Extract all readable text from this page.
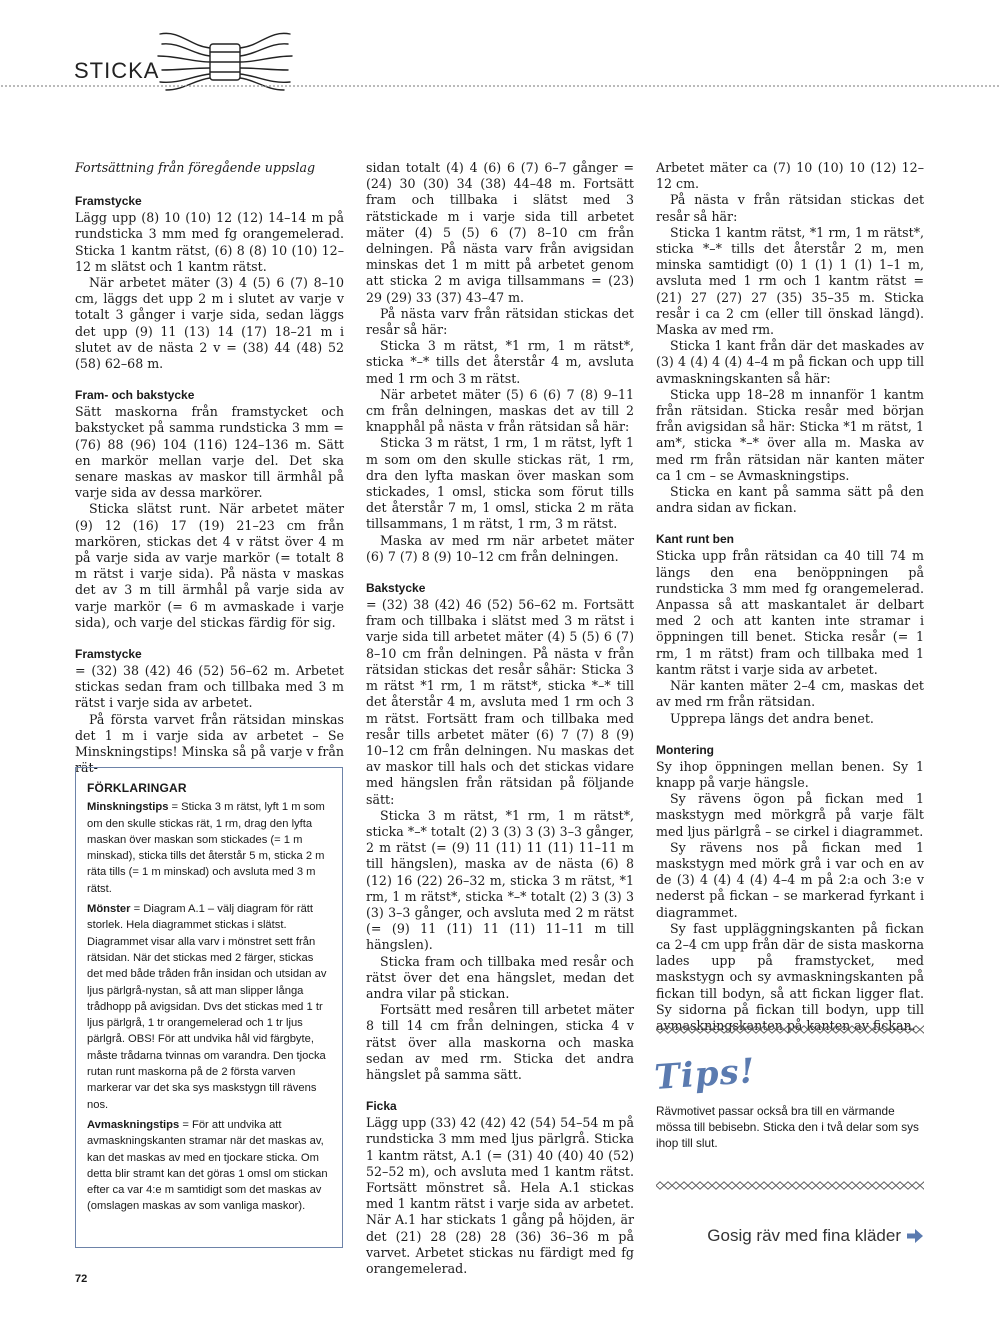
STICKA

Fortsättning från föregående uppslag

Framstycke

Lägg upp (8) 10 (10) 12 (12) 14–14 m på rundsticka 3 mm med fg orangemelerad. Sticka 1 kantm rätst, (6) 8 (8) 10 (10) 12–12 m slätst och 1 kantm rätst.

När arbetet mäter (3) 4 (5) 6 (7) 8–10 cm, läggs det upp 2 m i slutet av varje v totalt 3 gånger i varje sida, sedan läggs det upp (9) 11 (13) 14 (17) 18–21 m i slutet av de nästa 2 v = (38) 44 (48) 52 (58) 62–68 m.

Fram- och bakstycke

Sätt maskorna från framstycket och bakstycket på samma rundsticka 3 mm = (76) 88 (96) 104 (116) 124–136 m. Sätt en markör mellan varje del. Det ska senare maskas av maskor till ärmhål på varje sida av dessa markörer.

Sticka slätst runt. När arbetet mäter (9) 12 (16) 17 (19) 21–23 cm från markören, stickas det 4 v rätst över 4 m på varje sida av varje markör (= totalt 8 m rätst i varje sida). På nästa v maskas det av 3 m till ärmhål på varje sida av varje markör (= 6 m avmaskade i varje sida), och varje del stickas färdig för sig.

Framstycke

= (32) 38 (42) 46 (52) 56–62 m. Arbetet stickas sedan fram och tillbaka med 3 m rätst i varje sida av arbetet.

På första varvet från rätsidan minskas det 1 m i varje sida av arbetet – Se Minskningstips! Minska så på varje v från rät-

FÖRKLARINGAR

Minskningstips = Sticka 3 m rätst, lyft 1 m som om den skulle stickas rät, 1 rm, drag den lyfta maskan över maskan som stickades (= 1 m minskad), sticka tills det återstår 5 m, sticka 2 m räta tills (= 1 m minskad) och avsluta med 3 m rätst.

Mönster = Diagram A.1 – välj diagram för rätt storlek. Hela diagrammet stickas i slätst. Diagrammet visar alla varv i mönstret sett från rätsidan. När det stickas med 2 färger, stickas det med både tråden från insidan och utsidan av ljus pärlgrå-nystan, så att man slipper långa trådhopp på avigsidan. Dvs det stickas med 1 tr ljus pärlgrå, 1 tr orangemelerad och 1 tr ljus pärlgrå. OBS! För att undvika hål vid färgbyte, måste trådarna tvinnas om varandra. Den tjocka rutan runt maskorna på de 2 första varven markerar var det ska sys maskstygn till rävens nos.

Avmaskningstips = För att undvika att avmaskningskanten stramar när det maskas av, kan det maskas av med en tjockare sticka. Om detta blir stramt kan det göras 1 omsl om stickan efter ca var 4:e m samtidigt som det maskas av (omslagen maskas av som vanliga maskor).

sidan totalt (4) 4 (6) 6 (7) 6–7 gånger = (24) 30 (30) 34 (38) 44–48 m. Fortsätt fram och tillbaka i slätst med 3 rätstickade m i varje sida till arbetet mäter (4) 5 (5) 6 (7) 8–10 cm från delningen. På nästa varv från avigsidan minskas det 1 m mitt på arbetet genom att sticka 2 m aviga tillsammans = (23) 29 (29) 33 (37) 43–47 m.

På nästa varv från rätsidan stickas det resår så här:

Sticka 3 m rätst, *1 rm, 1 m rätst*, sticka *–* tills det återstår 4 m, avsluta med 1 rm och 3 m rätst.

När arbetet mäter (5) 6 (6) 7 (8) 9–11 cm från delningen, maskas det av till 2 knapphål på nästa v från rätsidan så här:

Sticka 3 m rätst, 1 rm, 1 m rätst, lyft 1 m som om den skulle stickas rät, 1 rm, dra den lyfta maskan över maskan som stickades, 1 omsl, sticka som förut tills det återstår 7 m, 1 omsl, sticka 2 m räta tillsammans, 1 m rätst, 1 rm, 3 m rätst.

Maska av med rm när arbetet mäter (6) 7 (7) 8 (9) 10–12 cm från delningen.

Bakstycke

= (32) 38 (42) 46 (52) 56–62 m. Fortsätt fram och tillbaka i slätst med 3 m rätst i varje sida till arbetet mäter (4) 5 (5) 6 (7) 8–10 cm från delningen. På nästa v från rätsidan stickas det resår såhär: Sticka 3 m rätst *1 rm, 1 m rätst*, sticka *–* till det återstår 4 m, avsluta med 1 rm och 3 m rätst. Fortsätt fram och tillbaka med resår tills arbetet mäter (6) 7 (7) 8 (9) 10–12 cm från delningen. Nu maskas det av maskor till hals och det stickas vidare med hängslen från rätsidan på följande sätt:

Sticka 3 m rätst, *1 rm, 1 m rätst*, sticka *–* totalt (2) 3 (3) 3 (3) 3–3 gånger, 2 m rätst (= (9) 11 (11) 11 (11) 11–11 m till hängslen), maska av de nästa (6) 8 (12) 16 (22) 26–32 m, sticka 3 m rätst, *1 rm, 1 m rätst*, sticka *–* totalt (2) 3 (3) 3 (3) 3–3 gånger, och avsluta med 2 m rätst (= (9) 11 (11) 11 (11) 11–11 m till hängslen).

Sticka fram och tillbaka med resår och rätst över det ena hängslet, medan det andra vilar på stickan.

Fortsätt med resåren till arbetet mäter 8 till 14 cm från delningen, sticka 4 v rätst över alla maskorna och maska sedan av med rm. Sticka det andra hängslet på samma sätt.

Ficka

Lägg upp (33) 42 (42) 42 (54) 54–54 m på rundsticka 3 mm med ljus pärlgrå. Sticka 1 kantm rätst, A.1 (= (31) 40 (40) 40 (52) 52–52 m), och avsluta med 1 kantm rätst. Fortsätt mönstret så. Hela A.1 stickas med 1 kantm rätst i varje sida av arbetet. När A.1 har stickats 1 gång på höjden, är det (21) 28 (28) 28 (36) 36–36 m på varvet. Arbetet stickas nu färdigt med fg orangemelerad.

Arbetet mäter ca (7) 10 (10) 10 (12) 12–12 cm.

På nästa v från rätsidan stickas det resår så här:

Sticka 1 kantm rätst, *1 rm, 1 m rätst*, sticka *–* tills det återstår 2 m, men minska samtidigt (0) 1 (1) 1 (1) 1–1 m, avsluta med 1 rm och 1 kantm rätst = (21) 27 (27) 27 (35) 35–35 m. Sticka resår i ca 2 cm (eller till önskad längd). Maska av med rm.

Sticka 1 kant från där det maskades av (3) 4 (4) 4 (4) 4–4 m på fickan och upp till avmaskningskanten så här:

Sticka upp 18–28 m innanför 1 kantm från rätsidan. Sticka resår med början från avigsidan så här: Sticka *1 m rätst, 1 am*, sticka *–* över alla m. Maska av med rm från rätsidan när kanten mäter ca 1 cm – se Avmaskningstips.

Sticka en kant på samma sätt på den andra sidan av fickan.

Kant runt ben

Sticka upp från rätsidan ca 40 till 74 m längs den ena benöppningen på rundsticka 3 mm med fg orangemelerad. Anpassa så att maskantalet är delbart med 2 och att kanten inte stramar i öppningen till benet. Sticka resår (= 1 rm, 1 m rätst) fram och tillbaka med 1 kantm rätst i varje sida av arbetet.

När kanten mäter 2–4 cm, maskas det av med rm från rätsidan.

Upprepa längs det andra benet.

Montering

Sy ihop öppningen mellan benen. Sy 1 knapp på varje hängsle.

Sy rävens ögon på fickan med 1 maskstygn med mörkgrå på varje fält med ljus pärlgrå – se cirkel i diagrammet.

Sy rävens nos på fickan med 1 maskstygn med mörk grå i var och en av de (3) 4 (4) 4 (4) 4–4 m på 2:a och 3:e v nederst på fickan – se markerad fyrkant i diagrammet.

Sy fast uppläggningskanten på fickan ca 2–4 cm upp från där de sista maskorna lades upp på framstycket, med maskstygn och sy avmaskningskanten på fickan till bodyn, så att fickan ligger flat. Sy sidorna på fickan till bodyn, upp till

Tips!
Rävmotivet passar också bra till en värmande mössa till bebisebn. Sticka den i två delar som sys ihop till slut.
Gosig räv med fina kläder
72
